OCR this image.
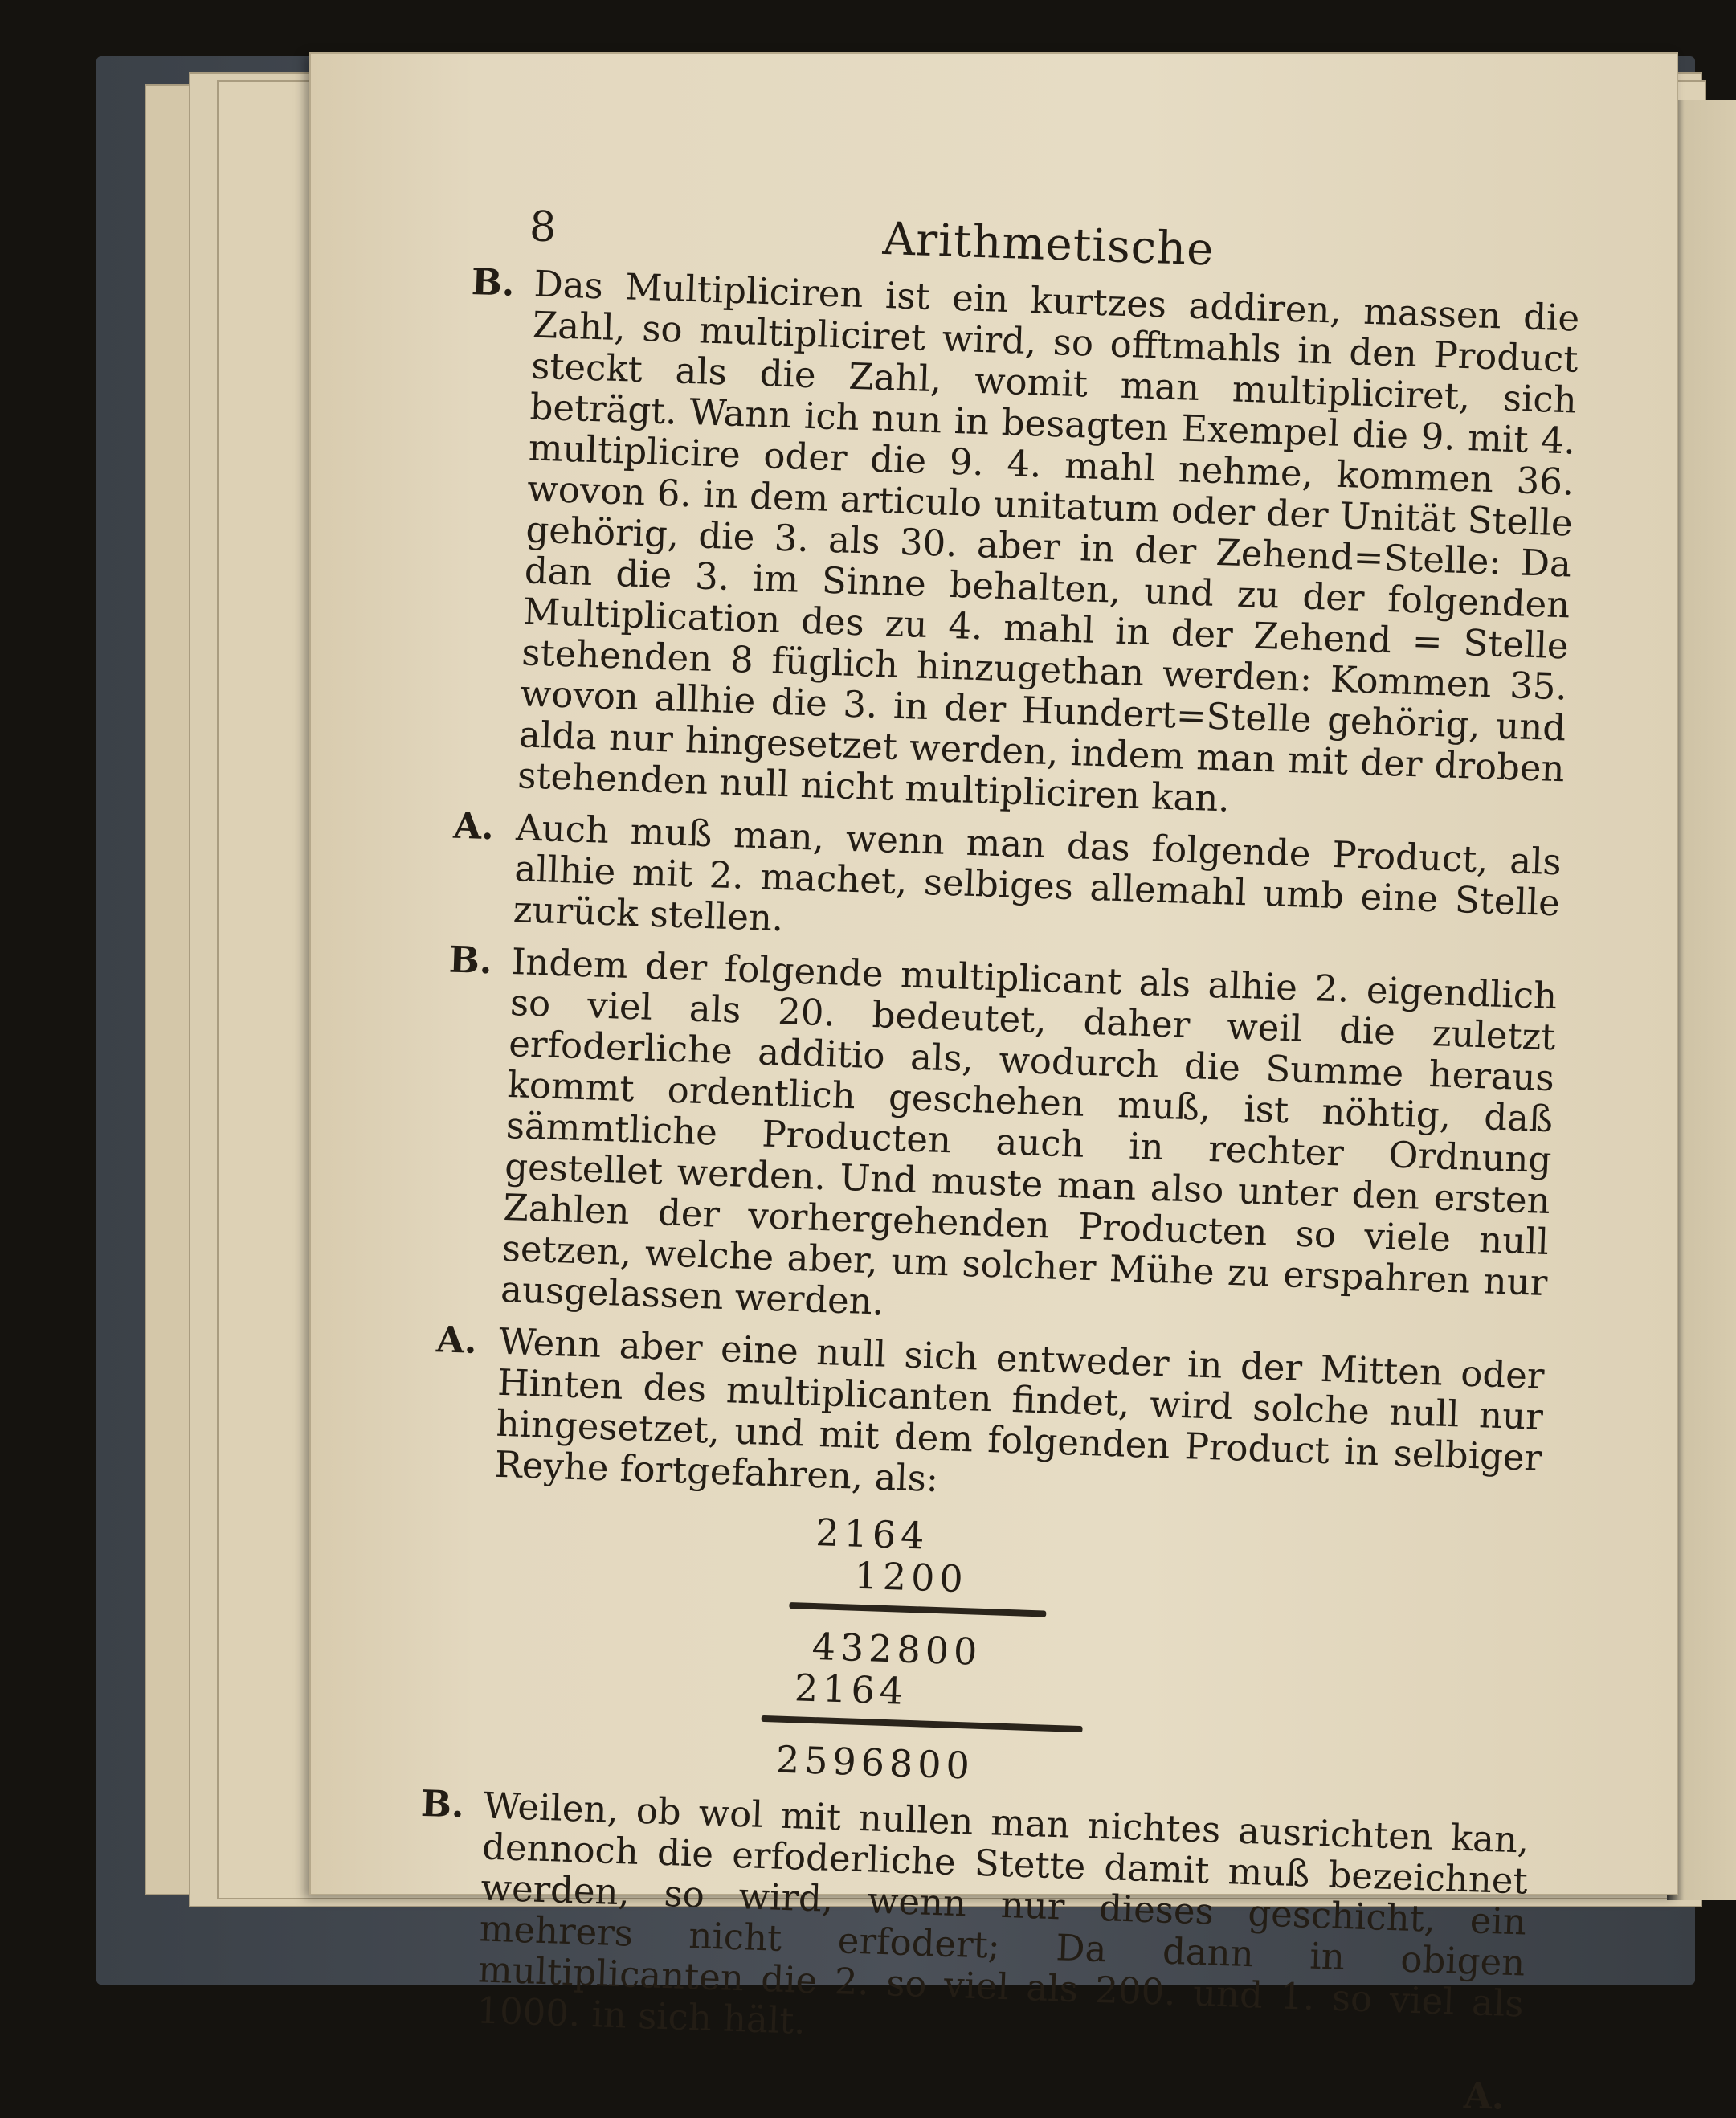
8	Arithmetische

B. Das Multipliciren ist ein kurtzes addiren, massen die Zahl, so multipliciret wird, so offtmahls in den Product steckt als die Zahl, womit man multipliciret, sich beträgt. Wann ich nun in besagten Exempel die 9. mit 4. multiplicire oder die 9. 4. mahl nehme, kommen 36. wovon 6. in dem articulo unitatum oder der Unität Stelle gehörig, die 3. als 30. aber in der Zehend=Stelle: Da dan die 3. im Sinne behalten, und zu der folgenden Multiplication des zu 4. mahl in der Zehend = Stelle stehenden 8 füglich hinzugethan werden: Kommen 35. wovon allhie die 3. in der Hundert=Stelle gehörig, und alda nur hingesetzet werden, indem man mit der droben stehenden null nicht multipliciren kan.

A. Auch muß man, wenn man das folgende Product, als allhie mit 2. machet, selbiges allemahl umb eine Stelle zurück stellen.

B. Indem der folgende multiplicant als alhie 2. eigendlich so viel als 20. bedeutet, daher weil die zuletzt erfoderliche additio als, wodurch die Summe heraus kommt ordentlich geschehen muß, ist nöhtig, daß sämmtliche Producten auch in rechter Ordnung gestellet werden. Und muste man also unter den ersten Zahlen der vorhergehenden Producten so viele null setzen, welche aber, um solcher Mühe zu erspahren nur ausgelassen werden.

A. Wenn aber eine null sich entweder in der Mitten oder Hinten des multiplicanten findet, wird solche null nur hingesetzet, und mit dem folgenden Product in selbiger Reyhe fortgefahren, als:

2164
1200
432800
2164
2596800

B. Weilen, ob wol mit nullen man nichtes ausrichten kan, dennoch die erfoderliche Stette damit muß bezeichnet werden, so wird, wenn nur dieses geschicht, ein mehrers nicht erfodert; Da dann in obigen multiplicanten die 2. so viel als 200. und 1. so viel als 1000. in sich hält.

A.
